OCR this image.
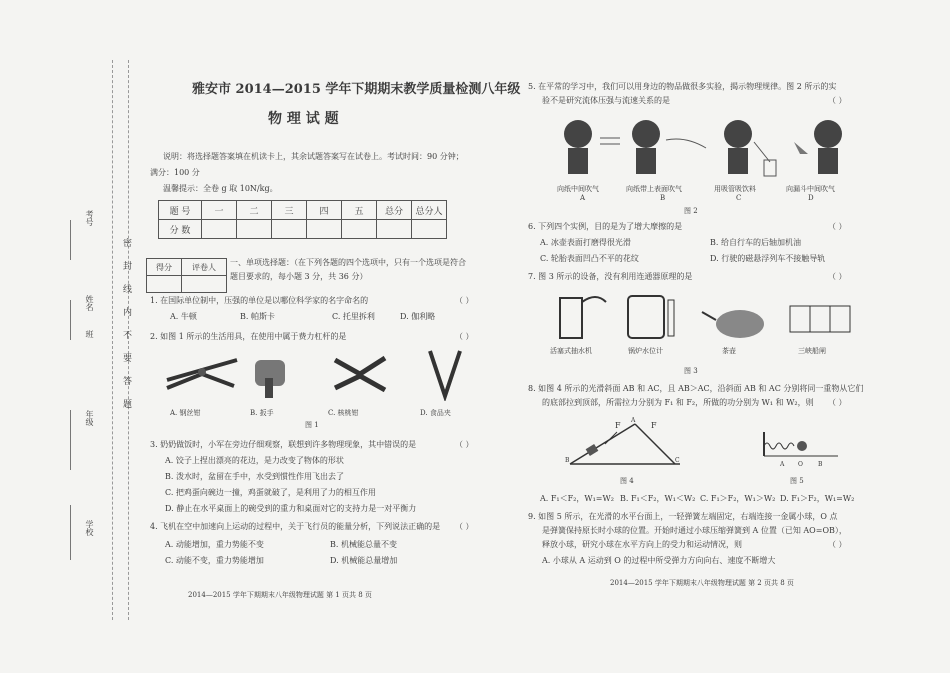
密封线内不要答题
考号
班
姓名
年级
学校
雅安市 2014—2015 学年下期期末教学质量检测八年级
物 理 试 题
说明：将选择题答案填在机读卡上，其余试题答案写在试卷上。考试时间：90 分钟；
满分：100 分
温馨提示：全卷 g 取 10N/kg。
题 号	一	二	三	四	五	总分	总分人
分 数							
得分	评卷人
	一、单项选择题：（在下列各题的四个选项中，只有一个选项是符合
题目要求的，每小题 3 分，共 36 分）
1. 在国际单位制中，压强的单位是以哪位科学家的名字命名的	（ ）
A. 牛顿	B. 帕斯卡	C. 托里拆利	D. 伽利略
2. 如图 1 所示的生活用具，在使用中属于费力杠杆的是	（ ）
A. 钢丝钳	B. 扳手	C. 核桃钳	D. 食品夹
图 1
3. 奶奶做饭时，小军在旁边仔细观察，联想到许多物理现象，其中错误的是	（ ）
A. 饺子上捏出漂亮的花边，是力改变了物体的形状
B. 泼水时，盆留在手中，水受到惯性作用飞出去了
C. 把鸡蛋向碗边一撞，鸡蛋就破了，是利用了力的相互作用
D. 静止在水平桌面上的碗受到的重力和桌面对它的支持力是一对平衡力
4. 飞机在空中加速向上运动的过程中，关于飞行员的能量分析，下列说法正确的是 （ ）
A. 动能增加，重力势能不变	B. 机械能总量不变
C. 动能不变，重力势能增加	D. 机械能总量增加
2014—2015 学年下期期末八年级物理试题 第 1 页共 8 页
5. 在平常的学习中，我们可以用身边的物品做很多实验，揭示物理规律。图 2 所示的实
验不是研究流体压强与流速关系的是	（ ）
向纸中间吹气	向纸带上表面吹气	用吸管吸饮料	向漏斗中间吹气
A	B	C	D
图 2
6. 下列四个实例，目的是为了增大摩擦的是	（ ）
A. 冰壶表面打磨得很光滑	B. 给自行车的后轴加机油
C. 轮胎表面凹凸不平的花纹	D. 行驶的磁悬浮列车不接触导轨
7. 图 3 所示的设备，没有利用连通器原理的是	（ ）
活塞式抽水机	锅炉水位计	茶壶	三峡船闸
图 3
8. 如图 4 所示的光滑斜面 AB 和 AC，且 AB＞AC，沿斜面 AB 和 AC 分别将同一重物从它们
的底部拉到顶部，所需拉力分别为 F₁ 和 F₂，所做的功分别为 W₁ 和 W₂，则 （ ）
F	F
B
A
C
A O	B
图 4	图 5
A. F₁＜F₂，W₁=W₂ B. F₁＜F₂，W₁＜W₂ C. F₁＞F₂，W₁＞W₂ D. F₁＞F₂，W₁=W₂
9. 如图 5 所示，在光滑的水平台面上，一轻弹簧左端固定，右端连接一金属小球，O 点
是弹簧保持原长时小球的位置。开始时通过小球压缩弹簧到 A 位置（已知 AO=OB），
释放小球，研究小球在水平方向上的受力和运动情况，则	（ ）
A. 小球从 A 运动到 O 的过程中所受弹力方向向右、速度不断增大
2014—2015 学年下期期末八年级物理试题 第 2 页共 8 页
